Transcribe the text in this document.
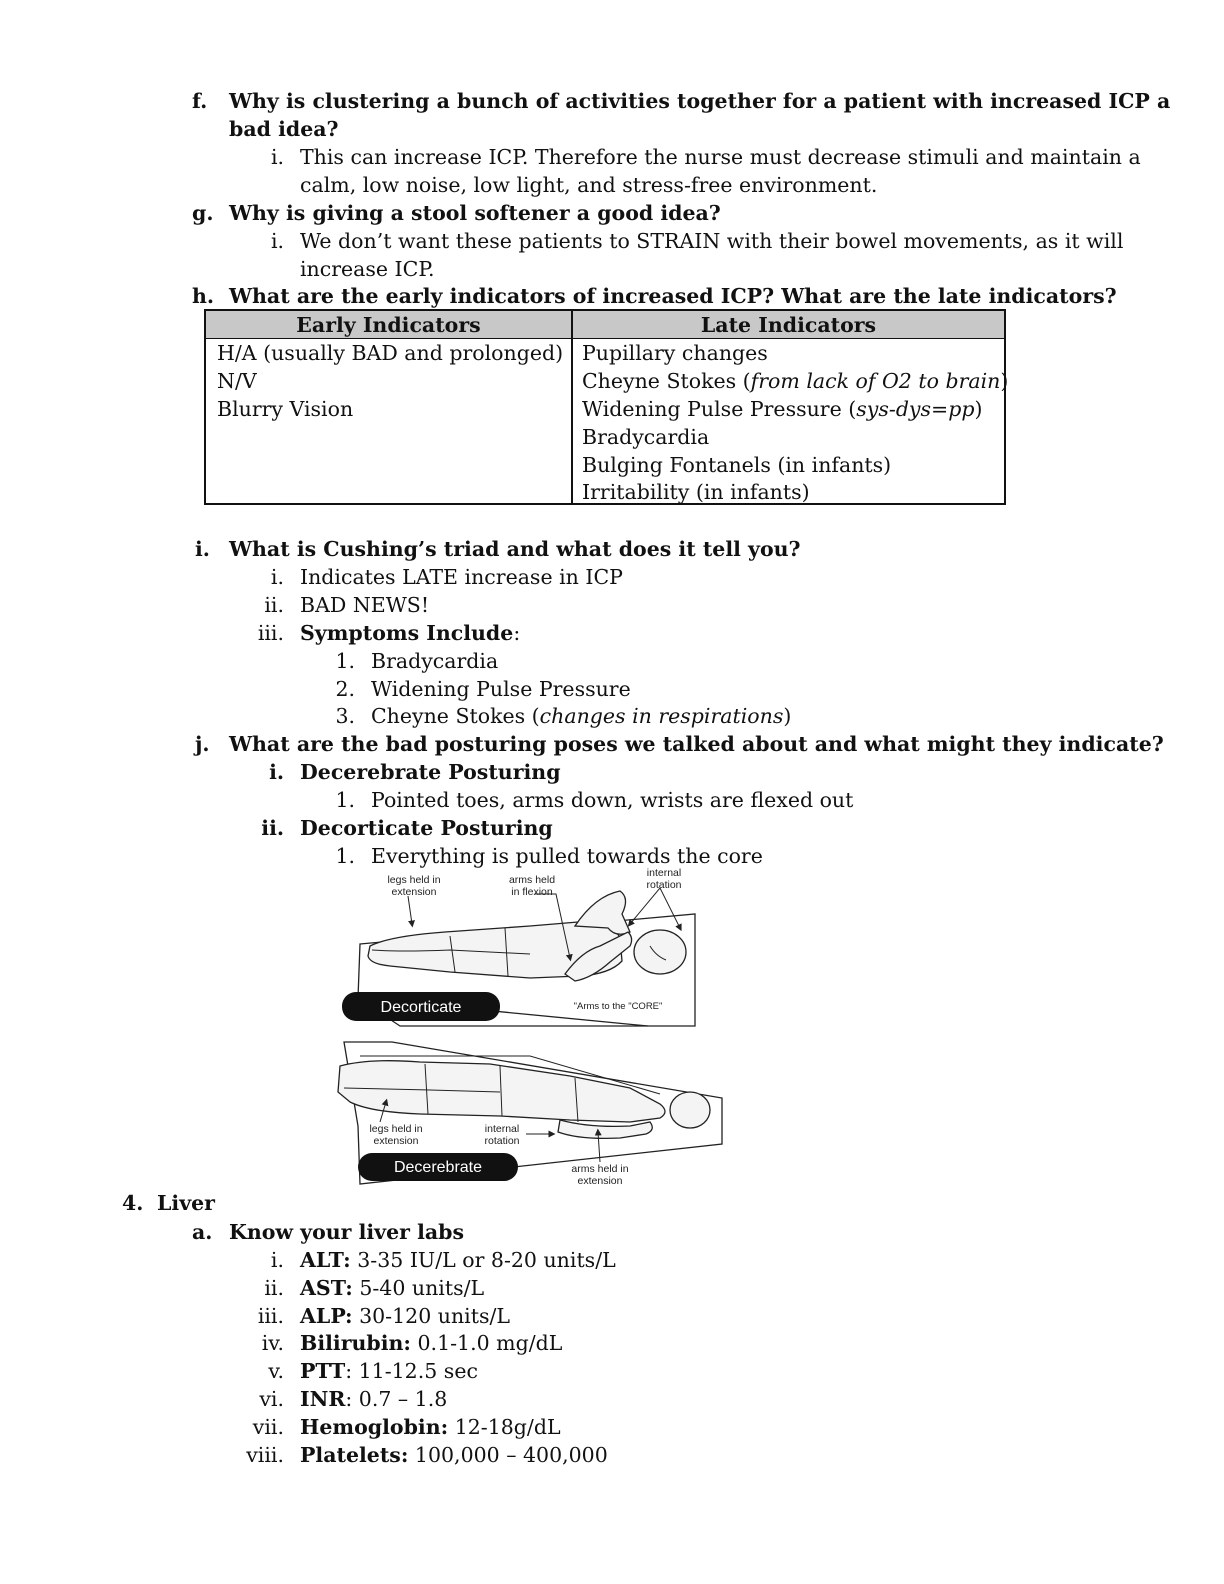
f. Why is clustering a bunch of activities together for a patient with increased ICP a
bad idea?
i. This can increase ICP. Therefore the nurse must decrease stimuli and maintain a
calm, low noise, low light, and stress-free environment.
g. Why is giving a stool softener a good idea?
i. We don’t want these patients to STRAIN with their bowel movements, as it will
increase ICP.
h. What are the early indicators of increased ICP? What are the late indicators?
Early Indicators	Late Indicators
H/A (usually BAD and prolonged)
N/V
Blurry Vision
Pupillary changes
Cheyne Stokes (from lack of O2 to brain)
Widening Pulse Pressure (sys-dys=pp)
Bradycardia
Bulging Fontanels (in infants)
Irritability (in infants)
i. What is Cushing’s triad and what does it tell you?
i. Indicates LATE increase in ICP
ii. BAD NEWS!
iii. Symptoms Include:
1. Bradycardia
2. Widening Pulse Pressure
3. Cheyne Stokes (changes in respirations)
j. What are the bad posturing poses we talked about and what might they indicate?
i. Decerebrate Posturing
1. Pointed toes, arms down, wrists are flexed out
ii. Decorticate Posturing
1. Everything is pulled towards the core
legs held in extension
arms held in flexion
internal rotation
Decorticate	"Arms to the "CORE"
legs held in extension
internal rotation
arms held in extension
Decerebrate
4. Liver
a. Know your liver labs
i. ALT: 3-35 IU/L or 8-20 units/L
ii. AST: 5-40 units/L
iii. ALP: 30-120 units/L
iv. Bilirubin: 0.1-1.0 mg/dL
v. PTT: 11-12.5 sec
vi. INR: 0.7 – 1.8
vii. Hemoglobin: 12-18g/dL
viii. Platelets: 100,000 – 400,000
